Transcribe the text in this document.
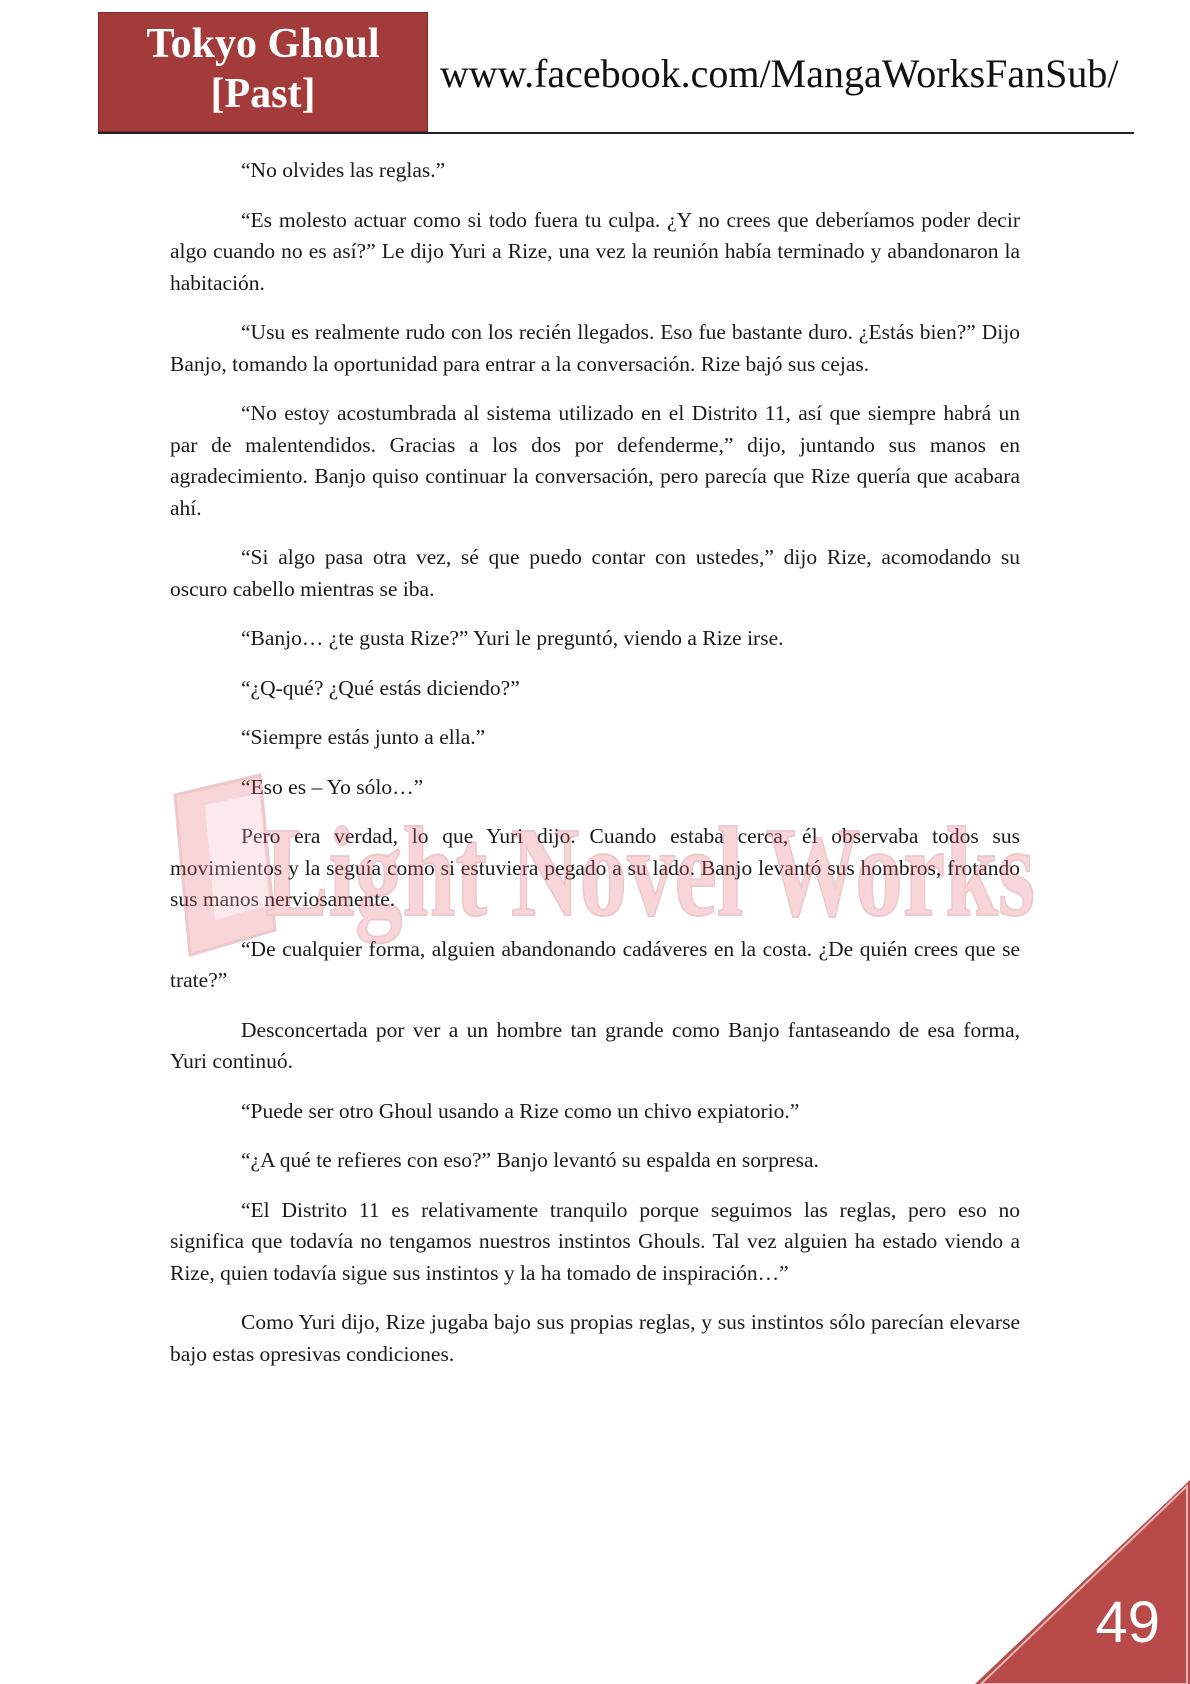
Tokyo Ghoul
[Past]	www.facebook.com/MangaWorksFanSub/

“No olvides las reglas.”

“Es molesto actuar como si todo fuera tu culpa. ¿Y no crees que deberíamos poder decir algo cuando no es así?” Le dijo Yuri a Rize, una vez la reunión había terminado y abandonaron la habitación.

“Usu es realmente rudo con los recién llegados. Eso fue bastante duro. ¿Estás bien?” Dijo Banjo, tomando la oportunidad para entrar a la conversación. Rize bajó sus cejas.

“No estoy acostumbrada al sistema utilizado en el Distrito 11, así que siempre habrá un par de malentendidos. Gracias a los dos por defenderme,” dijo, juntando sus manos en agradecimiento. Banjo quiso continuar la conversación, pero parecía que Rize quería que acabara ahí.

“Si algo pasa otra vez, sé que puedo contar con ustedes,” dijo Rize, acomodando su oscuro cabello mientras se iba.

“Banjo… ¿te gusta Rize?” Yuri le preguntó, viendo a Rize irse.

“¿Q-qué? ¿Qué estás diciendo?”

“Siempre estás junto a ella.”

“Eso es – Yo sólo…”

Pero era verdad, lo que Yuri dijo. Cuando estaba cerca, él observaba todos sus movimientos y la seguía como si estuviera pegado a su lado. Banjo levantó sus hombros, frotando sus manos nerviosamente.

“De cualquier forma, alguien abandonando cadáveres en la costa. ¿De quién crees que se trate?”

Desconcertada por ver a un hombre tan grande como Banjo fantaseando de esa forma, Yuri continuó.

“Puede ser otro Ghoul usando a Rize como un chivo expiatorio.”

“¿A qué te refieres con eso?” Banjo levantó su espalda en sorpresa.

“El Distrito 11 es relativamente tranquilo porque seguimos las reglas, pero eso no significa que todavía no tengamos nuestros instintos Ghouls. Tal vez alguien ha estado viendo a Rize, quien todavía sigue sus instintos y la ha tomado de inspiración…”

Como Yuri dijo, Rize jugaba bajo sus propias reglas, y sus instintos sólo parecían elevarse bajo estas opresivas condiciones.

Light Novel Works
49
